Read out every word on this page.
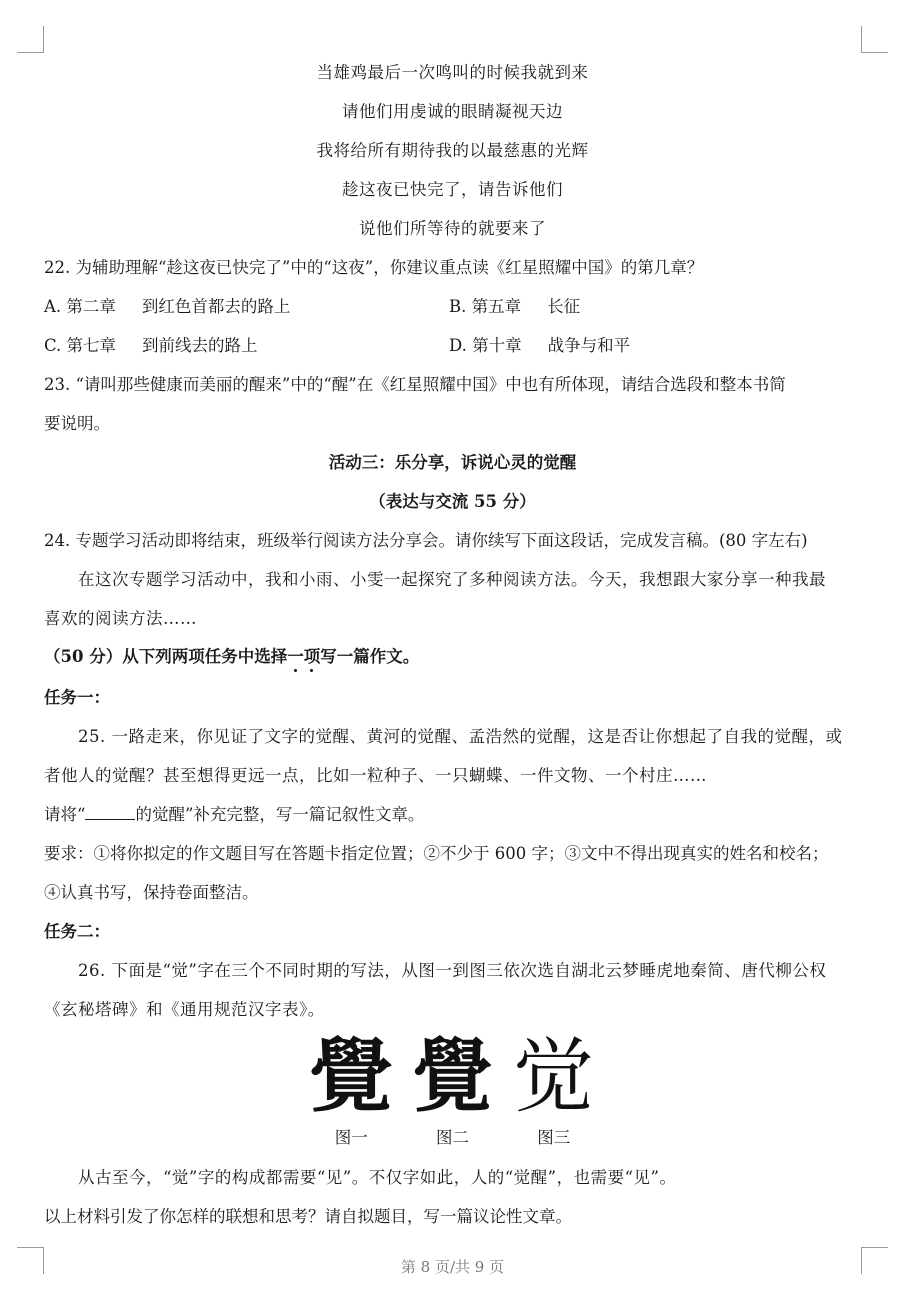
当雄鸡最后一次鸣叫的时候我就到来
请他们用虔诚的眼睛凝视天边
我将给所有期待我的以最慈惠的光辉
趁这夜已快完了，请告诉他们
说他们所等待的就要来了
22. 为辅助理解“趁这夜已快完了”中的“这夜”，你建议重点读《红星照耀中国》的第几章？
A. 第二章 到红色首都去的路上	B. 第五章 长征
C. 第七章 到前线去的路上	D. 第十章 战争与和平
23. “请叫那些健康而美丽的醒来”中的“醒”在《红星照耀中国》中也有所体现，请结合选段和整本书简
要说明。
活动三：乐分享，诉说心灵的觉醒
（表达与交流 55 分）
24. 专题学习活动即将结束，班级举行阅读方法分享会。请你续写下面这段话，完成发言稿。(80 字左右)
在这次专题学习活动中，我和小雨、小雯一起探究了多种阅读方法。今天，我想跟大家分享一种我最
喜欢的阅读方法……
（50 分）从下列两项任务中选择一项写一篇作文。
任务一：
25. 一路走来，你见证了文字的觉醒、黄河的觉醒、孟浩然的觉醒，这是否让你想起了自我的觉醒，或
者他人的觉醒？甚至想得更远一点，比如一粒种子、一只蝴蝶、一件文物、一个村庄……
请将“	的觉醒”补充完整，写一篇记叙性文章。
要求：①将你拟定的作文题目写在答题卡指定位置；②不少于 600 字；③文中不得出现真实的姓名和校名；
④认真书写，保持卷面整洁。
任务二：
26. 下面是“觉”字在三个不同时期的写法，从图一到图三依次选自湖北云梦睡虎地秦简、唐代柳公权
《玄秘塔碑》和《通用规范汉字表》。
覺 覺 觉
图一	图二	图三
从古至今，“觉”字的构成都需要“见”。不仅字如此，人的“觉醒”，也需要“见”。
以上材料引发了你怎样的联想和思考？请自拟题目，写一篇议论性文章。
第 8 页/共 9 页
